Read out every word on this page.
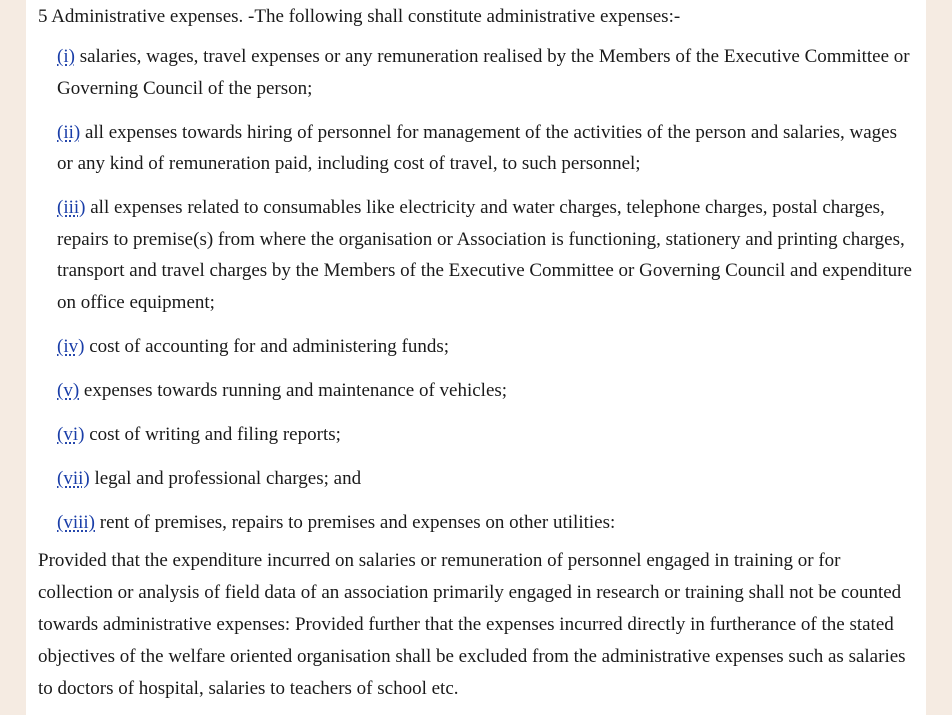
5 Administrative expenses. -The following shall constitute administrative expenses:-
(i) salaries, wages, travel expenses or any remuneration realised by the Members of the Executive Committee or Governing Council of the person;
(ii) all expenses towards hiring of personnel for management of the activities of the person and salaries, wages or any kind of remuneration paid, including cost of travel, to such personnel;
(iii) all expenses related to consumables like electricity and water charges, telephone charges, postal charges, repairs to premise(s) from where the organisation or Association is functioning, stationery and printing charges, transport and travel charges by the Members of the Executive Committee or Governing Council and expenditure on office equipment;
(iv) cost of accounting for and administering funds;
(v) expenses towards running and maintenance of vehicles;
(vi) cost of writing and filing reports;
(vii) legal and professional charges; and
(viii) rent of premises, repairs to premises and expenses on other utilities:

Provided that the expenditure incurred on salaries or remuneration of personnel engaged in training or for collection or analysis of field data of an association primarily engaged in research or training shall not be counted towards administrative expenses: Provided further that the expenses incurred directly in furtherance of the stated objectives of the welfare oriented organisation shall be excluded from the administrative expenses such as salaries to doctors of hospital, salaries to teachers of school etc.
